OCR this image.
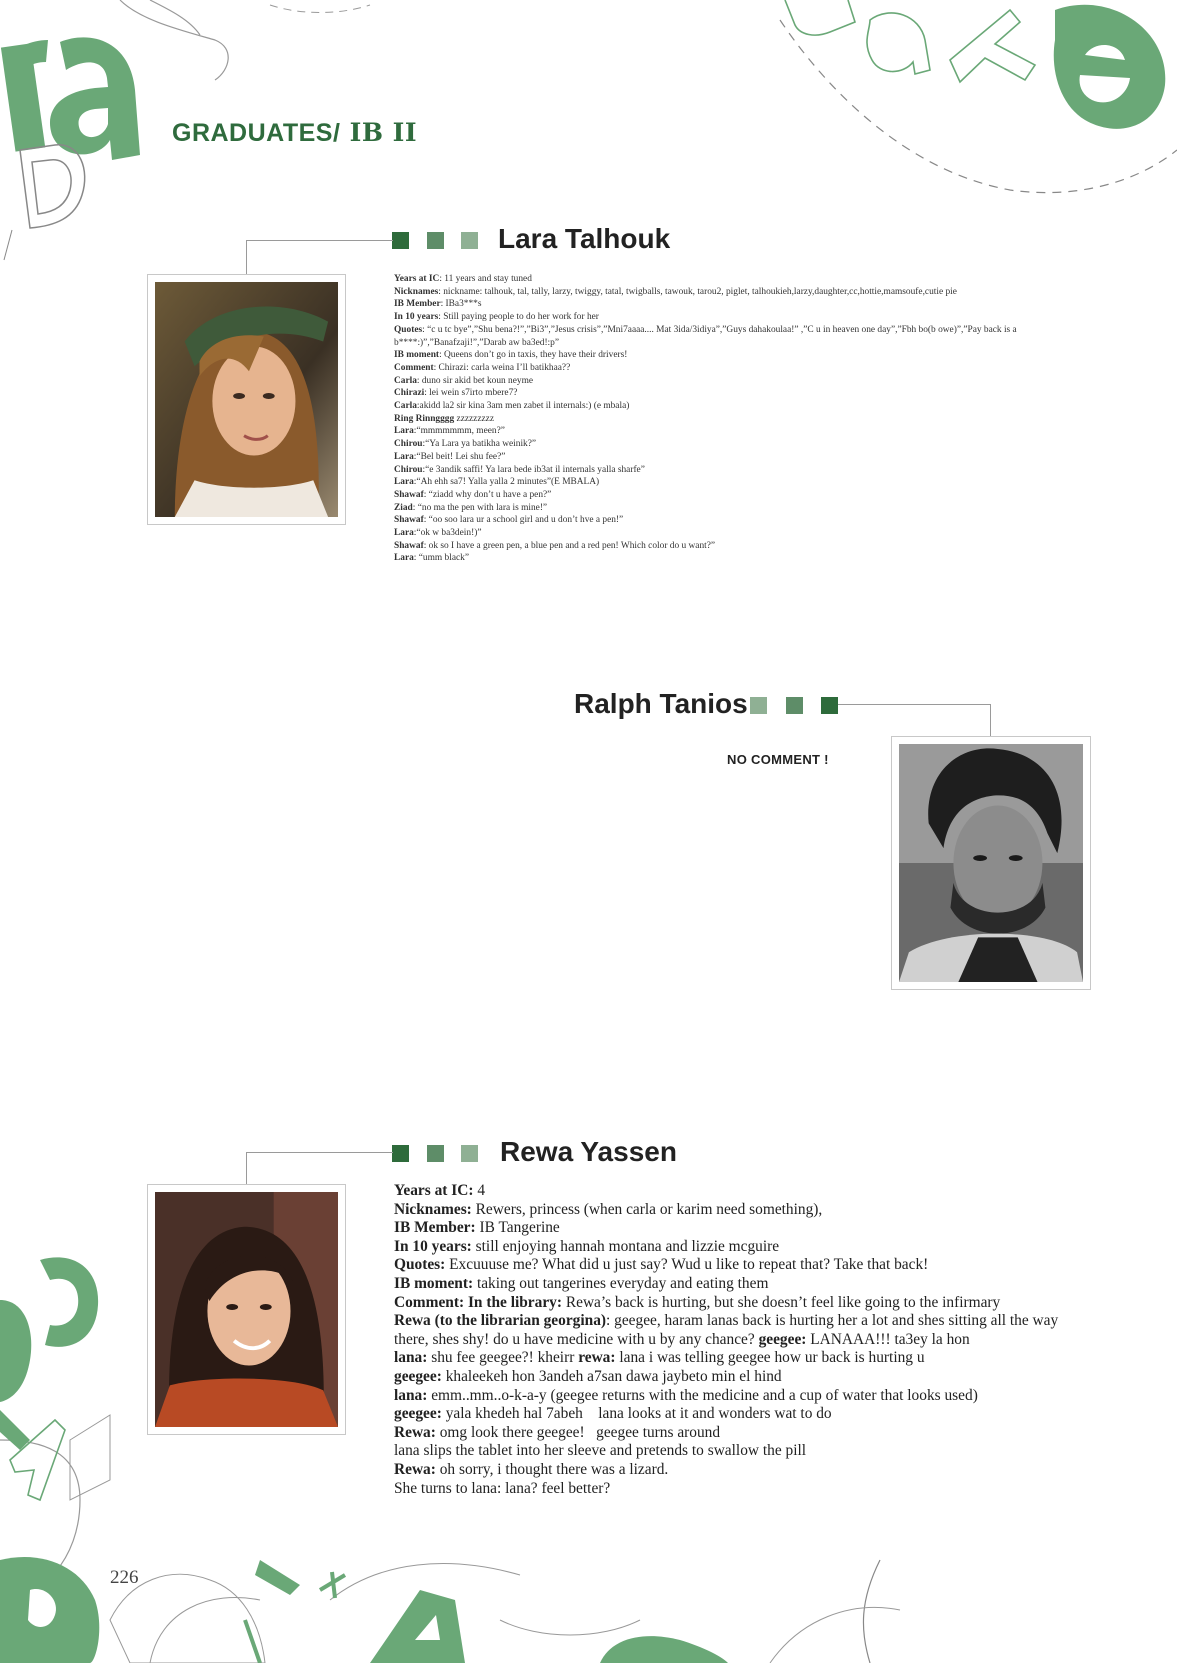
GRADUATES/ IB II
Lara Talhouk

Years at IC: 11 years and stay tuned

Nicknames: nickname: talhouk, tal, tally, larzy, twiggy, tatal, twigballs, tawouk, tarou2, piglet, talhoukieh,larzy,daughter,cc,hottie,mamsoufe,cutie pie

IB Member: IBa3***s

In 10 years: Still paying people to do her work for her

Quotes: “c u tc bye”,”Shu bena?!”,”Bi3”,”Jesus crisis”,”Mni7aaaa.... Mat 3ida/3idiya”,”Guys dahakoulaa!” ,”C u in heaven one day”,”Fbh bo(b owe)”,”Pay back is a b****:)”,”Banafzaji!”,”Darab aw ba3ed!:p”

IB moment: Queens don’t go in taxis, they have their drivers!

Comment: Chirazi: carla weina I’ll batikhaa??

Carla: duno sir akid bet koun neyme

Chirazi: lei wein s7irto mbere7?

Carla:akidd la2 sir kina 3am men zabet il internals:) (e mbala)

Ring Rinngggg zzzzzzzzz

Lara:“mmmmmmm, meen?”

Chirou:“Ya Lara ya batikha weinik?”

Lara:“Bel beit! Lei shu fee?”

Chirou:“e 3andik saffi! Ya lara bede ib3at il internals yalla sharfe”

Lara:“Ah ehh sa7! Yalla yalla 2 minutes”(E MBALA)

Shawaf: “ziadd why don’t u have a pen?”

Ziad: “no ma the pen with lara is mine!”

Shawaf: “oo soo lara ur a school girl and u don’t hve a pen!”

Lara:“ok w ba3dein!)”

Shawaf: ok so I have a green pen, a blue pen and a red pen! Which color do u want?”

Lara: “umm black”

Ralph Tanios
NO COMMENT !
Rewa Yassen

Years at IC: 4

Nicknames: Rewers, princess (when carla or karim need something),

IB Member: IB Tangerine

In 10 years: still enjoying hannah montana and lizzie mcguire

Quotes: Excuuuse me? What did u just say? Wud u like to repeat that? Take that back!

IB moment: taking out tangerines everyday and eating them

Comment: In the library: Rewa’s back is hurting, but she doesn’t feel like going to the infirmary

Rewa (to the librarian georgina): geegee, haram lanas back is hurting her a lot and shes sitting all the way there, shes shy! do u have medicine with u by any chance? geegee: LANAAA!!! ta3ey la hon

lana: shu fee geegee?! kheirr rewa: lana i was telling geegee how ur back is hurting u

geegee: khaleekeh hon 3andeh a7san dawa jaybeto min el hind

lana: emm..mm..o-k-a-y (geegee returns with the medicine and a cup of water that looks used)

geegee: yala khedeh hal 7abeh    lana looks at it and wonders wat to do

Rewa: omg look there geegee!   geegee turns around

lana slips the tablet into her sleeve and pretends to swallow the pill

Rewa: oh sorry, i thought there was a lizard.

She turns to lana: lana? feel better?

226
